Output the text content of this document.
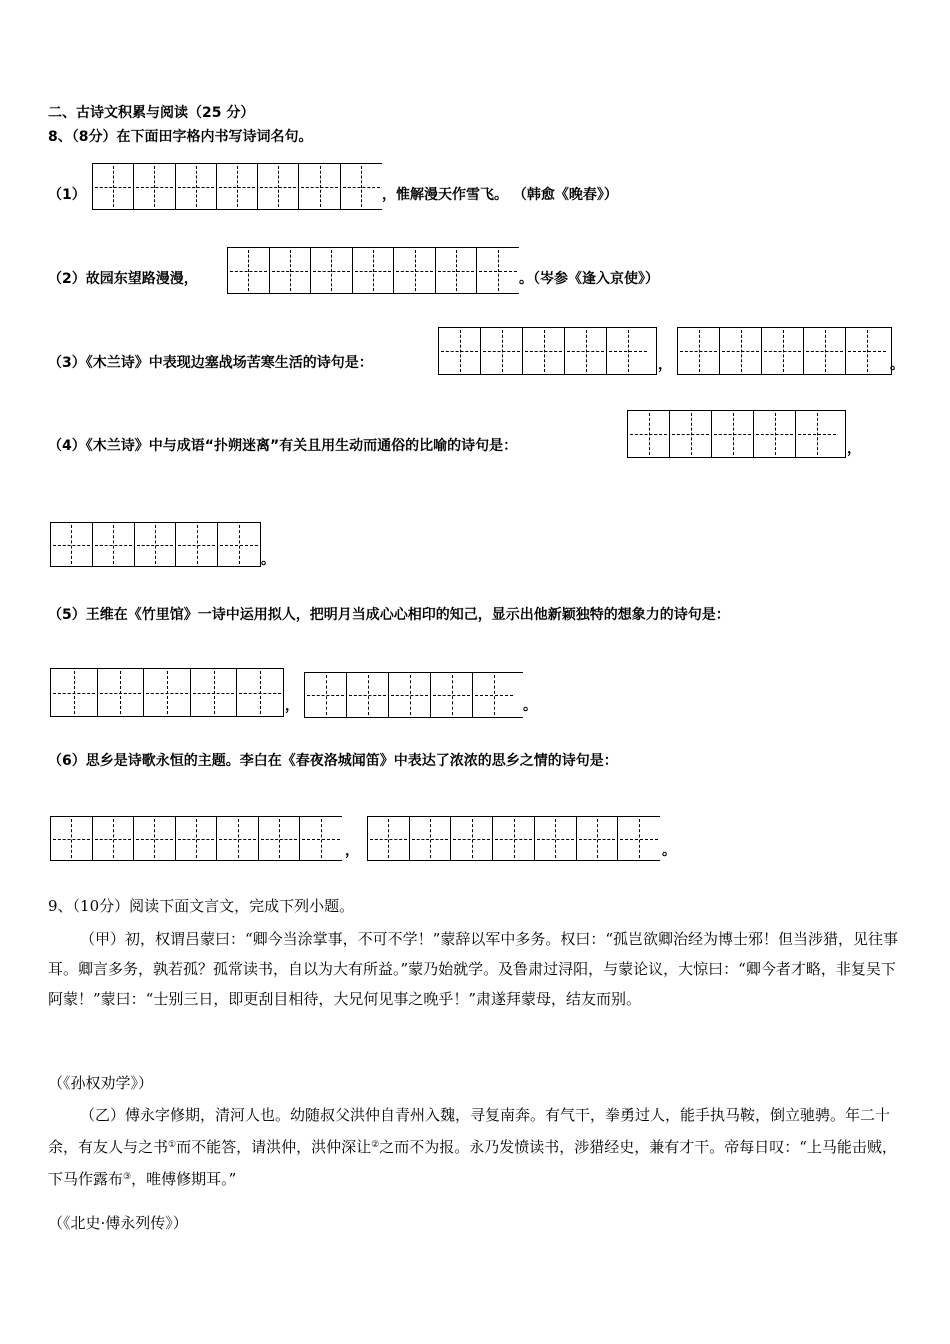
二、古诗文积累与阅读（25 分）
8、（8分）在下面田字格内书写诗词名句。
（1）	，惟解漫天作雪飞。 （韩愈《晚春》）
（2）故园东望路漫漫，	。（岑参《逢入京使》）
（3）《木兰诗》中表现边塞战场苦寒生活的诗句是：	，	。
（4）《木兰诗》中与成语“扑朔迷离”有关且用生动而通俗的比喻的诗句是：	，
。
（5）王维在《竹里馆》一诗中运用拟人，把明月当成心心相印的知己，显示出他新颖独特的想象力的诗句是：
，	。
（6）思乡是诗歌永恒的主题。李白在《春夜洛城闻笛》中表达了浓浓的思乡之情的诗句是：
，	。
9、（10分）阅读下面文言文，完成下列小题。
（甲）初，权谓吕蒙曰：“卿今当涂掌事，不可不学！”蒙辞以军中多务。权曰：“孤岂欲卿治经为博士邪！但当涉猎，见往事耳。卿言多务，孰若孤？孤常读书，自以为大有所益。”蒙乃始就学。及鲁肃过浔阳，与蒙论议，大惊曰：“卿今者才略，非复吴下阿蒙！”蒙曰：“士别三日，即更刮目相待，大兄何见事之晚乎！”肃遂拜蒙母，结友而别。
（《孙权劝学》）
（乙）傅永字修期，清河人也。幼随叔父洪仲自青州入魏，寻复南奔。有气干，拳勇过人，能手执马鞍，倒立驰骋。年二十余，有友人与之书①而不能答，请洪仲，洪仲深让②之而不为报。永乃发愤读书，涉猎经史，兼有才干。帝每日叹：“上马能击贼，下马作露布③，唯傅修期耳。”
（《北史·傅永列传》）
